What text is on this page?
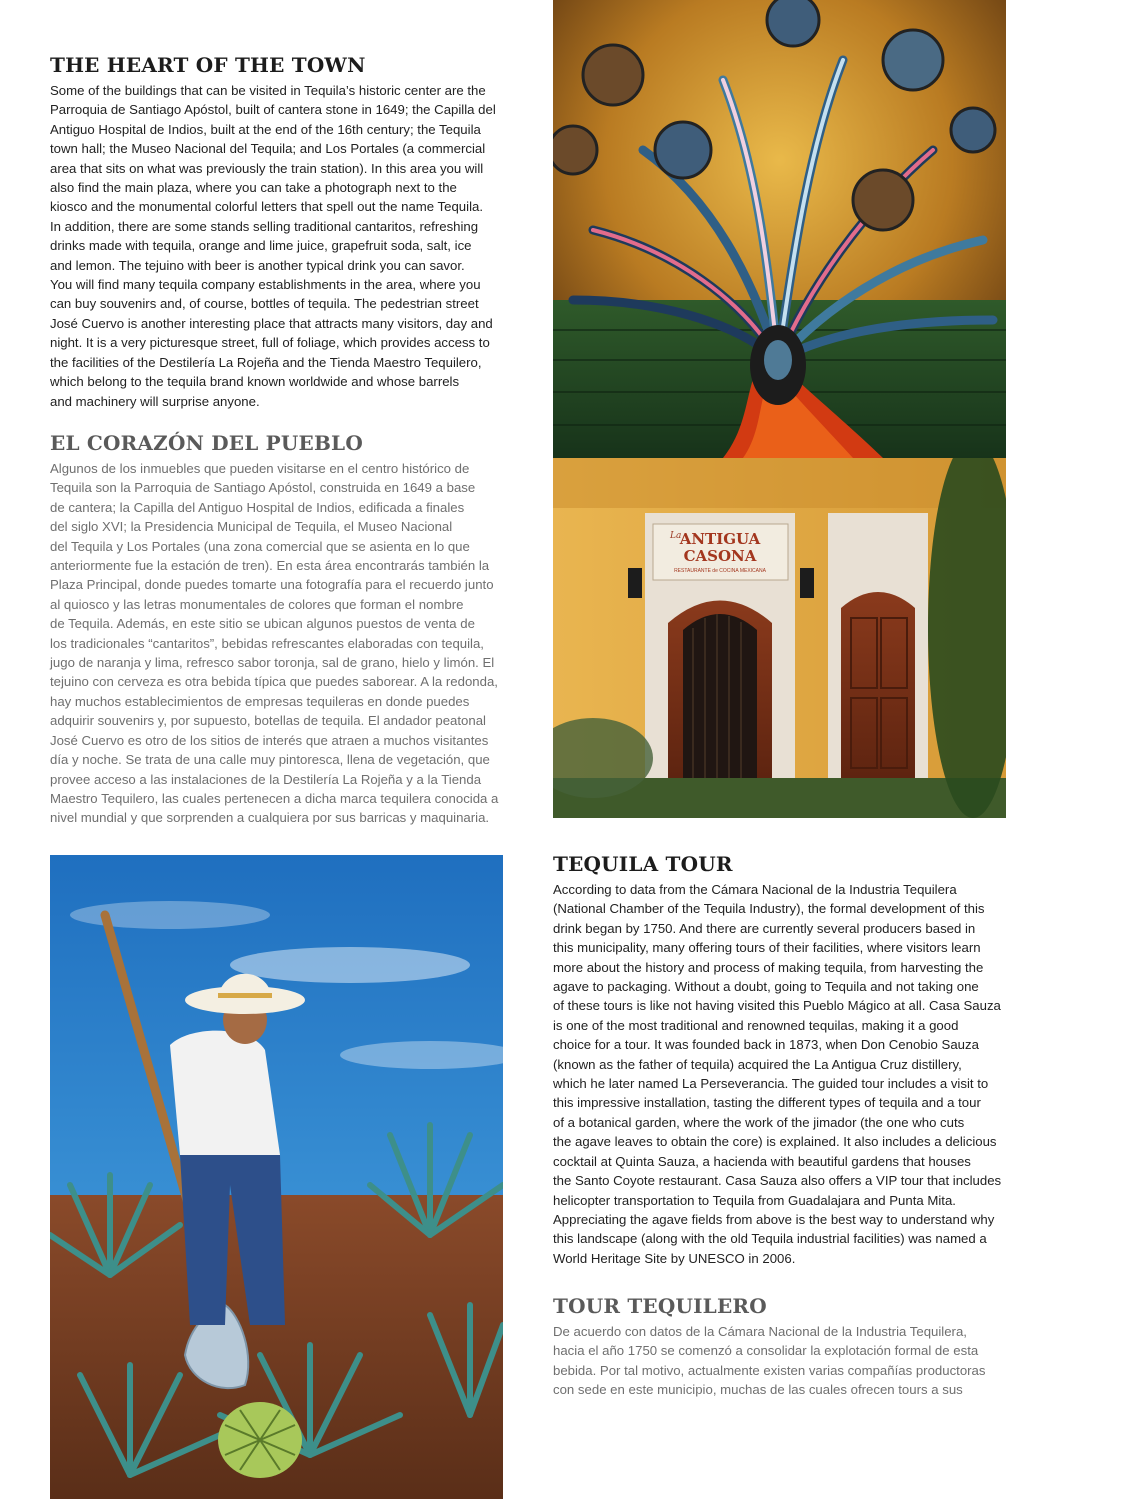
THE HEART OF THE TOWN
Some of the buildings that can be visited in Tequila’s historic center are the
Parroquia de Santiago Apóstol, built of cantera stone in 1649; the Capilla del
Antiguo Hospital de Indios, built at the end of the 16th century; the Tequila
town hall; the Museo Nacional del Tequila; and Los Portales (a commercial
area that sits on what was previously the train station). In this area you will
also find the main plaza, where you can take a photograph next to the
kiosco and the monumental colorful letters that spell out the name Tequila.
In addition, there are some stands selling traditional cantaritos, refreshing
drinks made with tequila, orange and lime juice, grapefruit soda, salt, ice
and lemon. The tejuino with beer is another typical drink you can savor.
You will find many tequila company establishments in the area, where you
can buy souvenirs and, of course, bottles of tequila. The pedestrian street
José Cuervo is another interesting place that attracts many visitors, day and
night. It is a very picturesque street, full of foliage, which provides access to
the facilities of the Destilería La Rojeña and the Tienda Maestro Tequilero,
which belong to the tequila brand known worldwide and whose barrels
and machinery will surprise anyone.
EL CORAZÓN DEL PUEBLO
Algunos de los inmuebles que pueden visitarse en el centro histórico de
Tequila son la Parroquia de Santiago Apóstol, construida en 1649 a base
de cantera; la Capilla del Antiguo Hospital de Indios, edificada a finales
del siglo XVI; la Presidencia Municipal de Tequila, el Museo Nacional
del Tequila y Los Portales (una zona comercial que se asienta en lo que
anteriormente fue la estación de tren). En esta área encontrarás también la
Plaza Principal, donde puedes tomarte una fotografía para el recuerdo junto
al quiosco y las letras monumentales de colores que forman el nombre
de Tequila. Además, en este sitio se ubican algunos puestos de venta de
los tradicionales “cantaritos”, bebidas refrescantes elaboradas con tequila,
jugo de naranja y lima, refresco sabor toronja, sal de grano, hielo y limón. El
tejuino con cerveza es otra bebida típica que puedes saborear. A la redonda,
hay muchos establecimientos de empresas tequileras en donde puedes
adquirir souvenirs y, por supuesto, botellas de tequila. El andador peatonal
José Cuervo es otro de los sitios de interés que atraen a muchos visitantes
día y noche. Se trata de una calle muy pintoresca, llena de vegetación, que
provee acceso a las instalaciones de la Destilería La Rojeña y a la Tienda
Maestro Tequilero, las cuales pertenecen a dicha marca tequilera conocida a
nivel mundial y que sorprenden a cualquiera por sus barricas y maquinaria.
TEQUILA TOUR
According to data from the Cámara Nacional de la Industria Tequilera
(National Chamber of the Tequila Industry), the formal development of this
drink began by 1750. And there are currently several producers based in
this municipality, many offering tours of their facilities, where visitors learn
more about the history and process of making tequila, from harvesting the
agave to packaging. Without a doubt, going to Tequila and not taking one
of these tours is like not having visited this Pueblo Mágico at all. Casa Sauza
is one of the most traditional and renowned tequilas, making it a good
choice for a tour. It was founded back in 1873, when Don Cenobio Sauza
(known as the father of tequila) acquired the La Antigua Cruz distillery,
which he later named La Perseverancia. The guided tour includes a visit to
this impressive installation, tasting the different types of tequila and a tour
of a botanical garden, where the work of the jimador (the one who cuts
the agave leaves to obtain the core) is explained. It also includes a delicious
cocktail at Quinta Sauza, a hacienda with beautiful gardens that houses
the Santo Coyote restaurant. Casa Sauza also offers a VIP tour that includes
helicopter transportation to Tequila from Guadalajara and Punta Mita.
Appreciating the agave fields from above is the best way to understand why
this landscape (along with the old Tequila industrial facilities) was named a
World Heritage Site by UNESCO in 2006.
TOUR TEQUILERO
De acuerdo con datos de la Cámara Nacional de la Industria Tequilera,
hacia el año 1750 se comenzó a consolidar la explotación formal de esta
bebida. Por tal motivo, actualmente existen varias compañías productoras
con sede en este municipio, muchas de las cuales ofrecen tours a sus
La
ANTIGUA
CASONA
RESTAURANTE de COCINA MEXICANA
